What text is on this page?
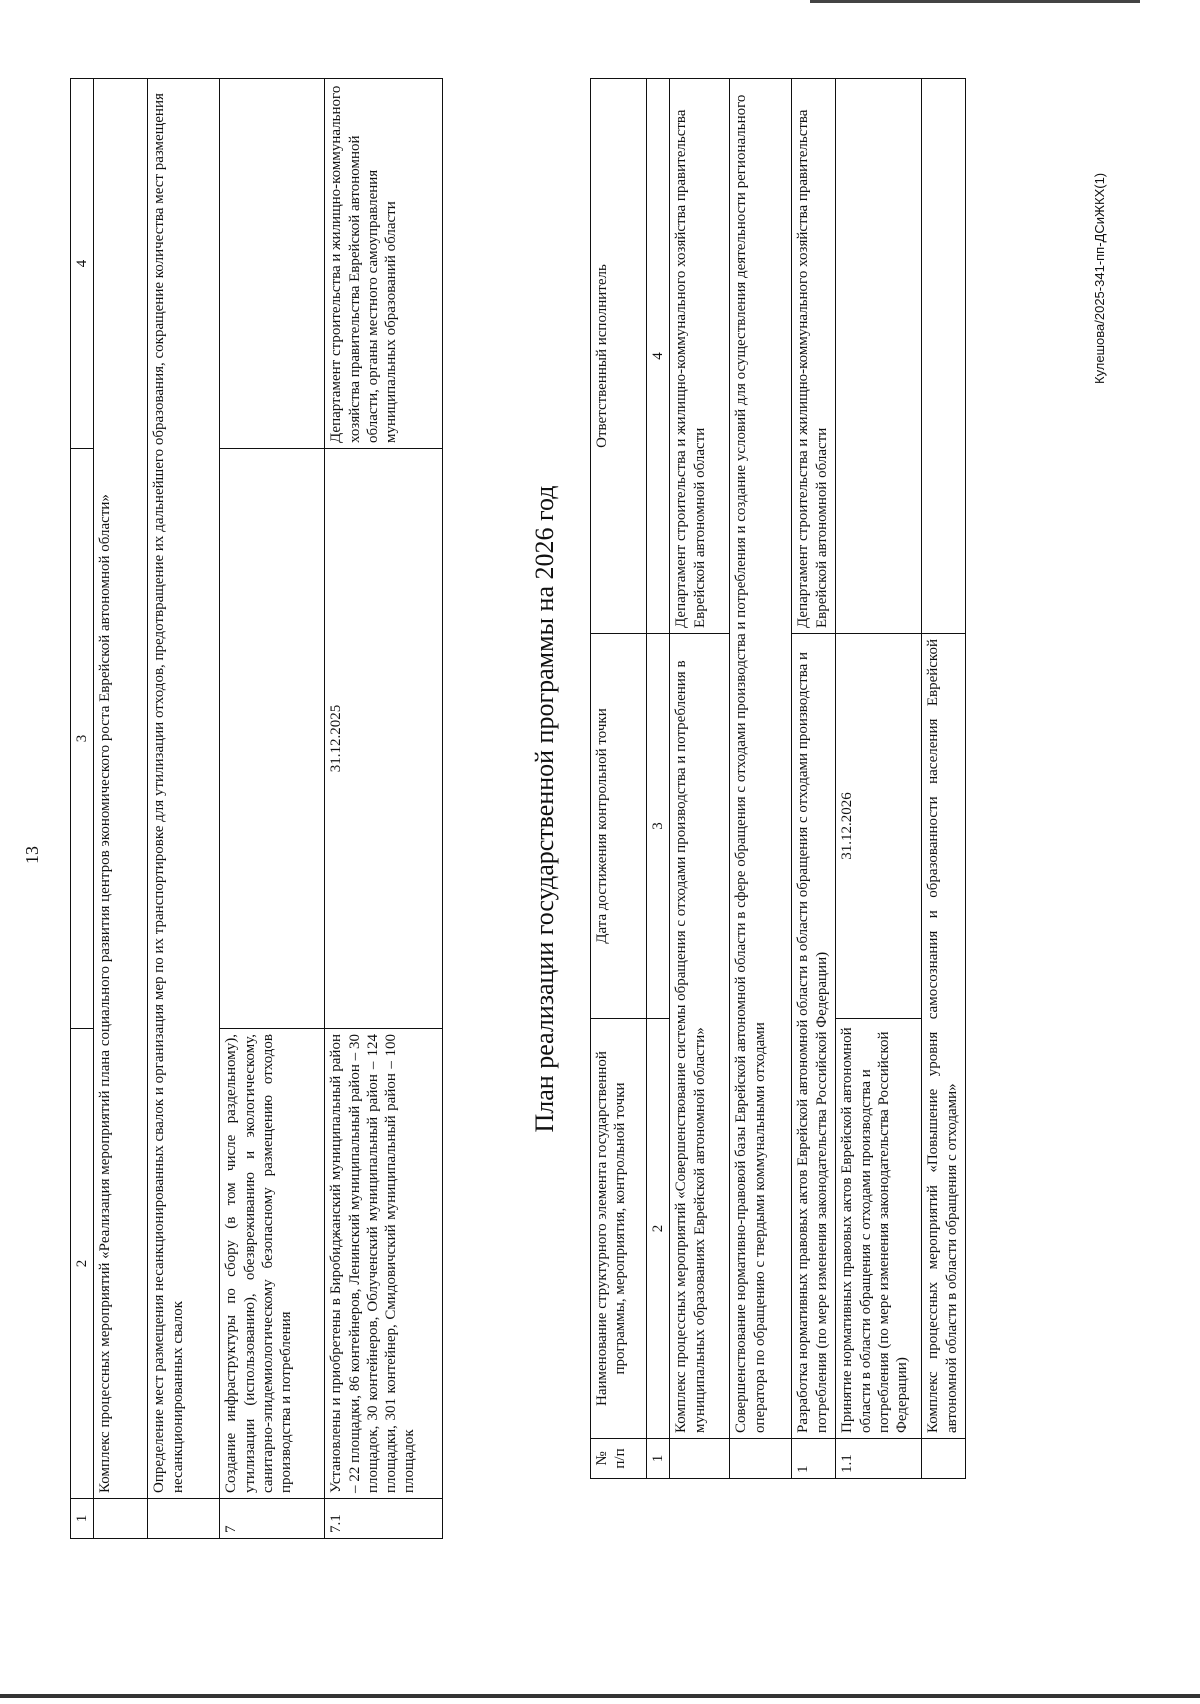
13
1	2	3	4
	Комплекс процессных мероприятий «Реализация мероприятий плана социального развития центров экономического роста Еврейской автономной области»		
	Определение мест размещения несанкционированных свалок и организация мер по их транспортировке для утилизации отходов, предотвращение их дальнейшего образования, сокращение количества мест размещения несанкционированных свалок		
7	Создание инфраструктуры по сбору (в том числе раздельному), утилизации (использованию), обезвреживанию и экологическому, санитарно-эпидемиологическому безопасному размещению отходов производства и потребления		
7.1	Установлены и приобретены в Биробиджанский муниципальный район – 22 площадки, 86 контейнеров, Ленинский муниципальный район – 30 площадок, 30 контейнеров, Облученский муниципальный район – 124 площадки, 301 контейнер, Смидовичский муниципальный район – 100 площадок	31.12.2025	Департамент строительства и жилищно-коммунального хозяйства правительства Еврейской автономной области, органы местного самоуправления муниципальных образований области
План реализации государственной программы на 2026 год
№ п/п	Наименование структурного элемента государственной программы, мероприятия, контрольной точки	Дата достижения контрольной точки	Ответственный исполнитель
1	2	3	4
	Комплекс процессных мероприятий «Совершенствование системы обращения с отходами производства и потребления в муниципальных образованиях Еврейской автономной области»		Департамент строительства и жилищно-коммунального хозяйства правительства Еврейской автономной области
	Совершенствование нормативно-правовой базы Еврейской автономной области в сфере обращения с отходами производства и потребления и создание условий для осуществления деятельности регионального оператора по обращению с твердыми коммунальными отходами		
1	Разработка нормативных правовых актов Еврейской автономной области в области обращения с отходами производства и потребления (по мере изменения законодательства Российской Федерации)		Департамент строительства и жилищно-коммунального хозяйства правительства Еврейской автономной области
1.1	Принятие нормативных правовых актов Еврейской автономной области в области обращения с отходами производства и потребления (по мере изменения законодательства Российской Федерации)	31.12.2026	
	Комплекс процессных мероприятий «Повышение уровня самосознания и образованности населения Еврейской автономной области в области обращения с отходами»		
Кулешова/2025-341-пп-ДСиЖКХ(1)
